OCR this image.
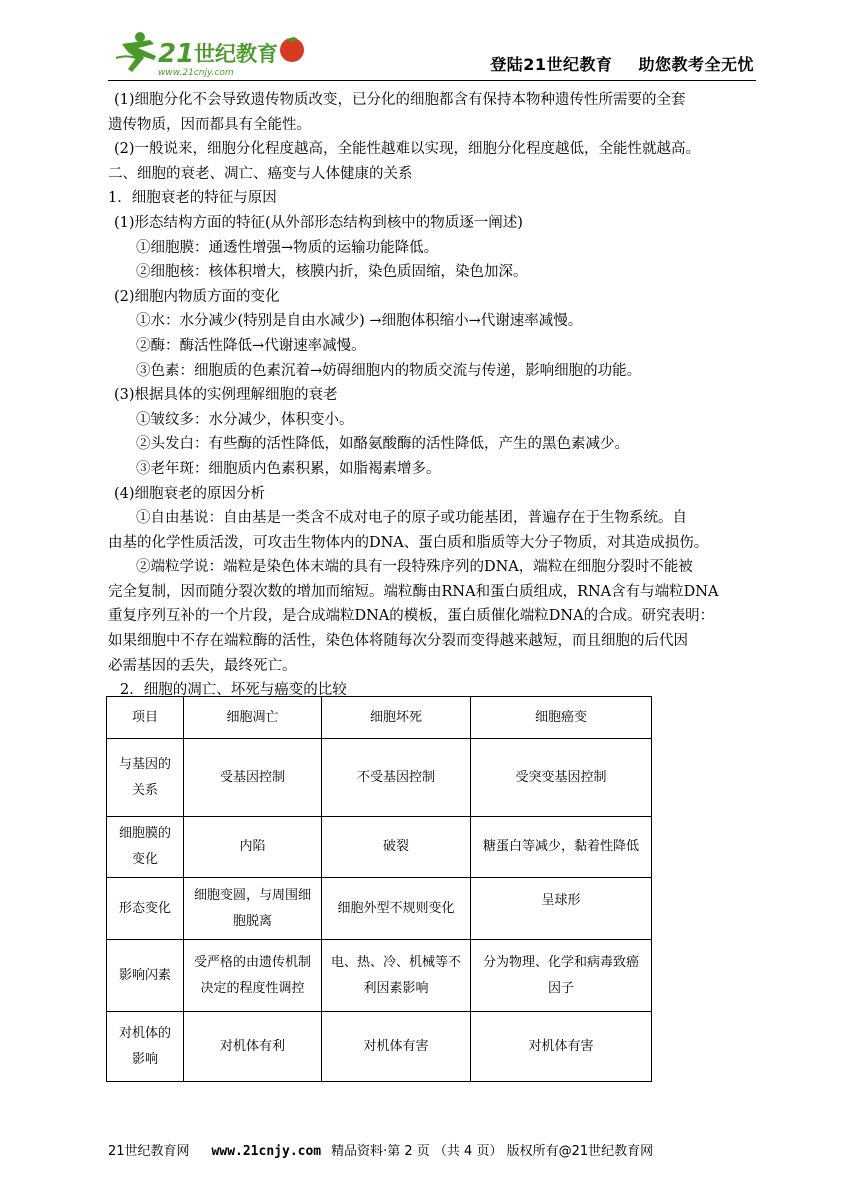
21 世纪教育
www.21cnjy.com	登陆21世纪教育 助您教考全无忧
(1)细胞分化不会导致遗传物质改变，已分化的细胞都含有保持本物种遗传性所需要的全套
遗传物质，因而都具有全能性。
(2)一般说来，细胞分化程度越高，全能性越难以实现，细胞分化程度越低，全能性就越高。
二、细胞的衰老、凋亡、癌变与人体健康的关系
1．细胞衰老的特征与原因
(1)形态结构方面的特征(从外部形态结构到核中的物质逐一阐述)
①细胞膜：通透性增强→物质的运输功能降低。
②细胞核：核体积增大，核膜内折，染色质固缩，染色加深。
(2)细胞内物质方面的变化
①水：水分减少(特别是自由水减少) →细胞体积缩小→代谢速率减慢。
②酶：酶活性降低→代谢速率减慢。
③色素：细胞质的色素沉着→妨碍细胞内的物质交流与传递，影响细胞的功能。
(3)根据具体的实例理解细胞的衰老
①皱纹多：水分减少，体积变小。
②头发白：有些酶的活性降低，如酪氨酸酶的活性降低，产生的黑色素减少。
③老年斑：细胞质内色素积累，如脂褐素增多。
(4)细胞衰老的原因分析
①自由基说：自由基是一类含不成对电子的原子或功能基团，普遍存在于生物系统。自
由基的化学性质活泼，可攻击生物体内的DNA、蛋白质和脂质等大分子物质，对其造成损伤。
②端粒学说：端粒是染色体末端的具有一段特殊序列的DNA，端粒在细胞分裂时不能被
完全复制，因而随分裂次数的增加而缩短。端粒酶由RNA和蛋白质组成，RNA含有与端粒DNA
重复序列互补的一个片段，是合成端粒DNA的模板，蛋白质催化端粒DNA的合成。研究表明：
如果细胞中不存在端粒酶的活性，染色体将随每次分裂而变得越来越短，而且细胞的后代因
必需基因的丢失，最终死亡。
2．细胞的凋亡、坏死与癌变的比较
项目	细胞凋亡	细胞坏死	细胞癌变
与基因的关系	受基因控制	不受基因控制	受突变基因控制
细胞膜的变化	内陷	破裂	糖蛋白等减少，黏着性降低
形态变化	细胞变圆，与周围细胞脱离	细胞外型不规则变化	呈球形
影响闪素	受严格的由遗传机制决定的程度性调控	电、热、冷、机械等不利因素影响	分为物理、化学和病毒致癌因子
对机体的影响	对机体有利	对机体有害	对机体有害
21世纪教育网 www.21cnjy.com 精品资料·第 2 页 （共 4 页） 版权所有@21世纪教育网
